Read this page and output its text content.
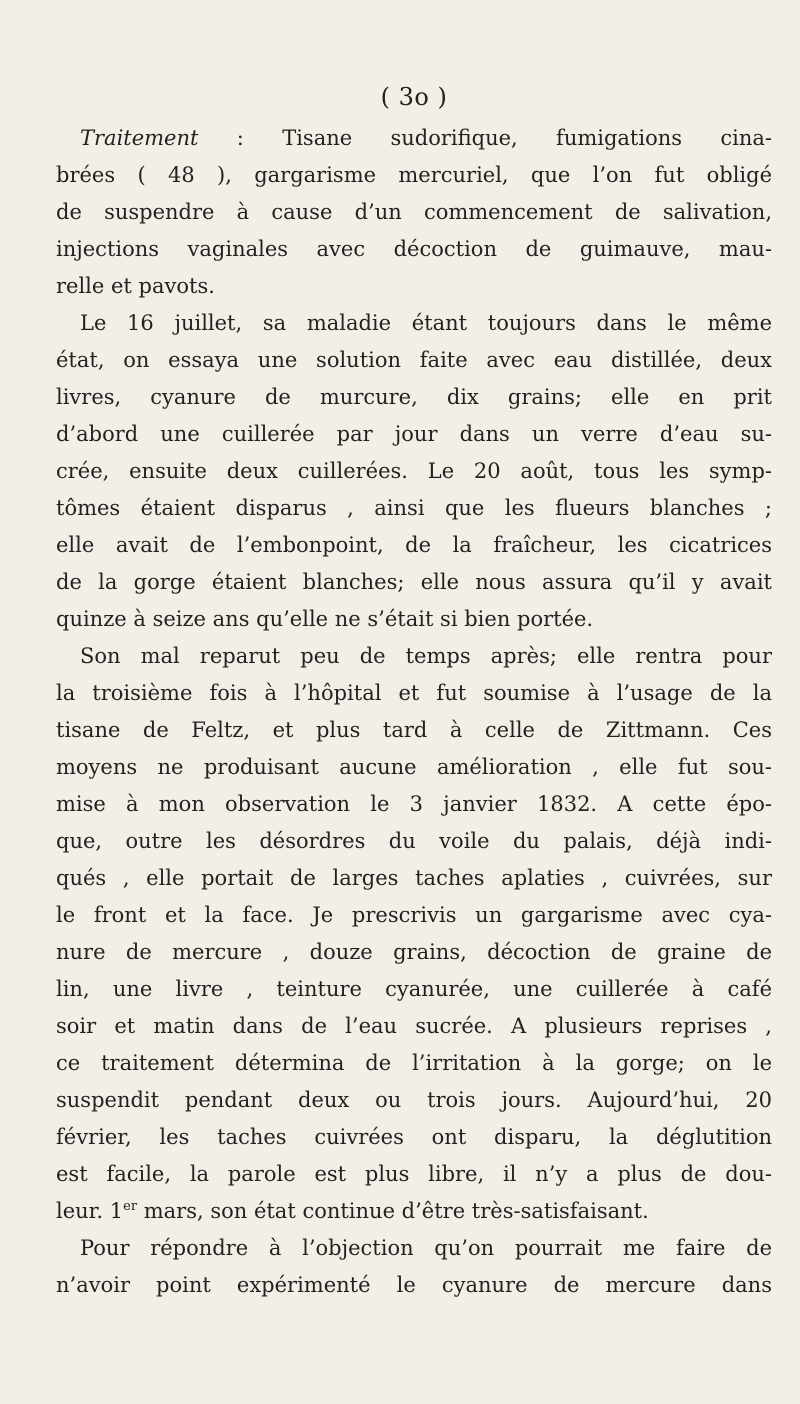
( 3o )
Traitement : Tisane sudorifique, fumigations cina-
brées ( 48 ), gargarisme mercuriel, que l’on fut obligé
de suspendre à cause d’un commencement de salivation,
injections vaginales avec décoction de guimauve, mau-
relle et pavots.
Le 16 juillet, sa maladie étant toujours dans le même
état, on essaya une solution faite avec eau distillée, deux
livres, cyanure de murcure, dix grains; elle en prit
d’abord une cuillerée par jour dans un verre d’eau su-
crée, ensuite deux cuillerées. Le 20 août, tous les symp-
tômes étaient disparus , ainsi que les flueurs blanches ;
elle avait de l’embonpoint, de la fraîcheur, les cicatrices
de la gorge étaient blanches; elle nous assura qu’il y avait
quinze à seize ans qu’elle ne s’était si bien portée.
Son mal reparut peu de temps après; elle rentra pour
la troisième fois à l’hôpital et fut soumise à l’usage de la
tisane de Feltz, et plus tard à celle de Zittmann. Ces
moyens ne produisant aucune amélioration , elle fut sou-
mise à mon observation le 3 janvier 1832. A cette épo-
que, outre les désordres du voile du palais, déjà indi-
qués , elle portait de larges taches aplaties , cuivrées, sur
le front et la face. Je prescrivis un gargarisme avec cya-
nure de mercure , douze grains, décoction de graine de
lin, une livre , teinture cyanurée, une cuillerée à café
soir et matin dans de l’eau sucrée. A plusieurs reprises ,
ce traitement détermina de l’irritation à la gorge; on le
suspendit pendant deux ou trois jours. Aujourd’hui, 20
février, les taches cuivrées ont disparu, la déglutition
est facile, la parole est plus libre, il n’y a plus de dou-
leur. 1er mars, son état continue d’être très-satisfaisant.
Pour répondre à l’objection qu’on pourrait me faire de
n’avoir point expérimenté le cyanure de mercure dans
